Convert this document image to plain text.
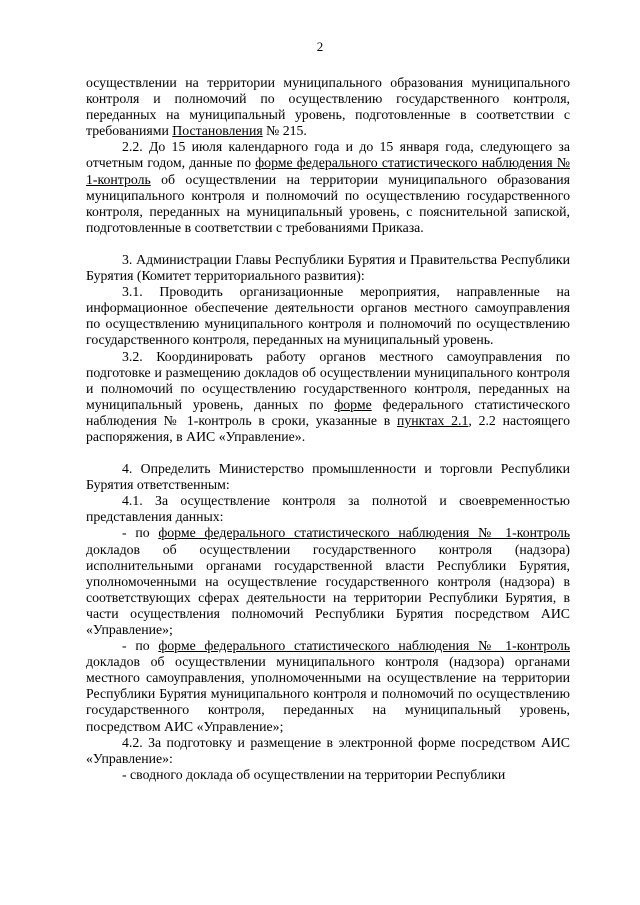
2

осуществлении на территории муниципального образования муниципального контроля и полномочий по осуществлению государственного контроля, переданных на муниципальный уровень, подготовленные в соответствии с требованиями Постановления № 215.

2.2. До 15 июля календарного года и до 15 января года, следующего за отчетным годом, данные по форме федерального статистического наблюдения № 1-контроль об осуществлении на территории муниципального образования муниципального контроля и полномочий по осуществлению государственного контроля, переданных на муниципальный уровень, с пояснительной запиской, подготовленные в соответствии с требованиями Приказа.

3. Администрации Главы Республики Бурятия и Правительства Республики Бурятия (Комитет территориального развития):

3.1. Проводить организационные мероприятия, направленные на информационное обеспечение деятельности органов местного самоуправления по осуществлению муниципального контроля и полномочий по осуществлению государственного контроля, переданных на муниципальный уровень.

3.2. Координировать работу органов местного самоуправления по подготовке и размещению докладов об осуществлении муниципального контроля и полномочий по осуществлению государственного контроля, переданных на муниципальный уровень, данных по форме федерального статистического наблюдения № 1-контроль в сроки, указанные в пунктах 2.1, 2.2 настоящего распоряжения, в АИС «Управление».

4. Определить Министерство промышленности и торговли Республики Бурятия ответственным:

4.1. За осуществление контроля за полнотой и своевременностью представления данных:

- по форме федерального статистического наблюдения № 1-контроль докладов об осуществлении государственного контроля (надзора) исполнительными органами государственной власти Республики Бурятия, уполномоченными на осуществление государственного контроля (надзора) в соответствующих сферах деятельности на территории Республики Бурятия, в части осуществления полномочий Республики Бурятия посредством АИС «Управление»;

- по форме федерального статистического наблюдения № 1-контроль докладов об осуществлении муниципального контроля (надзора) органами местного самоуправления, уполномоченными на осуществление на территории Республики Бурятия муниципального контроля и полномочий по осуществлению государственного контроля, переданных на муниципальный уровень, посредством АИС «Управление»;

4.2. За подготовку и размещение в электронной форме посредством АИС «Управление»:

- сводного доклада об осуществлении на территории Республики
